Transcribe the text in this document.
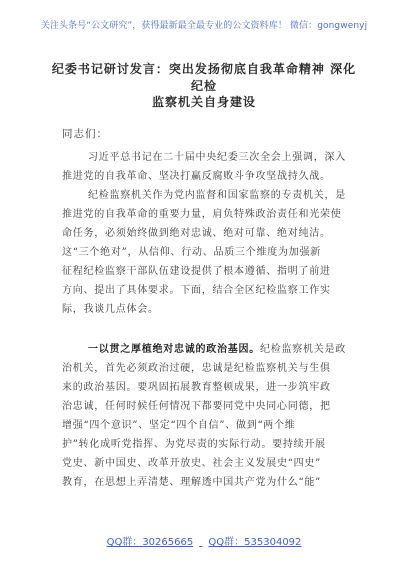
关注头条号“公文研究”，获得最新最全最专业的公文资料库！ 微信：gongwenyj
纪委书记研讨发言：突出发扬彻底自我革命精神 深化纪检
监察机关自身建设
同志们：
习近平总书记在二十届中央纪委三次全会上强调，深入
推进党的自我革命、坚决打赢反腐败斗争攻坚战持久战。
纪检监察机关作为党内监督和国家监察的专责机关，是
推进党的自我革命的重要力量，肩负特殊政治责任和光荣使
命任务，必须始终做到绝对忠诚、绝对可靠、绝对纯洁。
这“三个绝对”，从信仰、行动、品质三个维度为加强新
征程纪检监察干部队伍建设提供了根本遵循、指明了前进
方向、提出了具体要求。下面，结合全区纪检监察工作实
际，我谈几点体会。
一以贯之厚植绝对忠诚的政治基因。纪检监察机关是政
治机关，首先必须政治过硬，忠诚是纪检监察机关与生俱
来的政治基因。要巩固拓展教育整顿成果，进一步筑牢政
治忠诚，任何时候任何情况下都要同党中央同心同德，把
增强“四个意识”、坚定“四个自信”、做到“两个维
护”转化成听党指挥、为党尽责的实际行动。要持续开展
党史、新中国史、改革开放史、社会主义发展史“四史”
教育，在思想上弄清楚、理解透中国共产党为什么“能”
QQ群：30265665 QQ群：535304092
